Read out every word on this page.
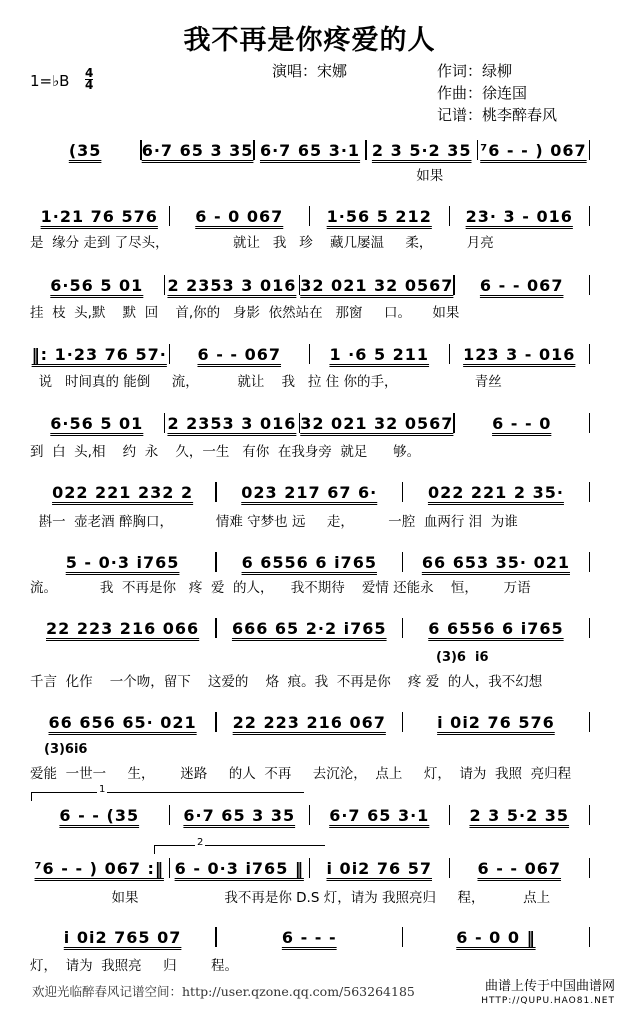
我不再是你疼爱的人
演唱：宋娜	作词：绿柳
作曲：徐连国
记谱：桃李醉春风
1=♭B 4
4
(35	6·7 65 3 35 6·7 65 3·1 2 3 5·2 35 ⁷6 - - ) 067
如果
1·21 76 576	6 - 0 067	1·56 5 212	23· 3 - 016
是  缘分 走到 了尽头，               就让   我   珍    藏几屡温     柔，        月亮
6·56 5 01	2 2353 3 016 32 021 32 0567	6 - - 067
挂  枝  头,默    默  回    首,你的   身影  依然站在   那窗     口。     如果
‖: 1·23 76 57·	6 - - 067	1 ·6 5 211	123 3 - 016
说   时间真的 能倒     流，         就让    我   拉 住 你的手，                  青丝
6·56 5 01	2 2353 3 016 32 021 32 0567	6 - - 0
到  白  头,相    约  永    久，一生   有你  在我身旁  就足      够。
022 221 232 2	023 217 67 6·	022 221 2 35·
斟一  壶老酒 醉胸口，          情难 守梦也 远     走，        一腔  血两行 泪  为谁
5 - 0·3 i765	6 6556 6 i765	66 653 35· 021
流。          我  不再是你   疼  爱  的人，    我不期待    爱情 还能永    恒，      万语
22 223 216 066	666 65 2·2 i765	6 6556 6 i765
千言  化作    一个吻，留下    这爱的    烙  痕。我  不再是你    疼 爱  的人，我不幻想
66 656 65· 021	22 223 216 067	i 0i2 76 576
爱能  一世一     生，      迷路     的人  不再     去沉沦，  点上     灯，  请为  我照  亮归程
6 - - (35	6·7 65 3 35	6·7 65 3·1	2 3 5·2 35
⁷6 - - ) 067 :‖ 6 - 0·3 i765 ‖	i 0i2 76 57	6 - - 067
如果                    我不再是你 D.S 灯，请为 我照亮归     程，         点上
i 0i2 765 07	6 - - -	6 - 0 0 ‖
灯，  请为  我照亮     归        程。
(3)6  i6
(3)6i6
1
2
欢迎光临醉春风记谱空间：http://user.qzone.qq.com/563264185	曲谱上传于中国曲谱网
HTTP://QUPU.HAO81.NET
